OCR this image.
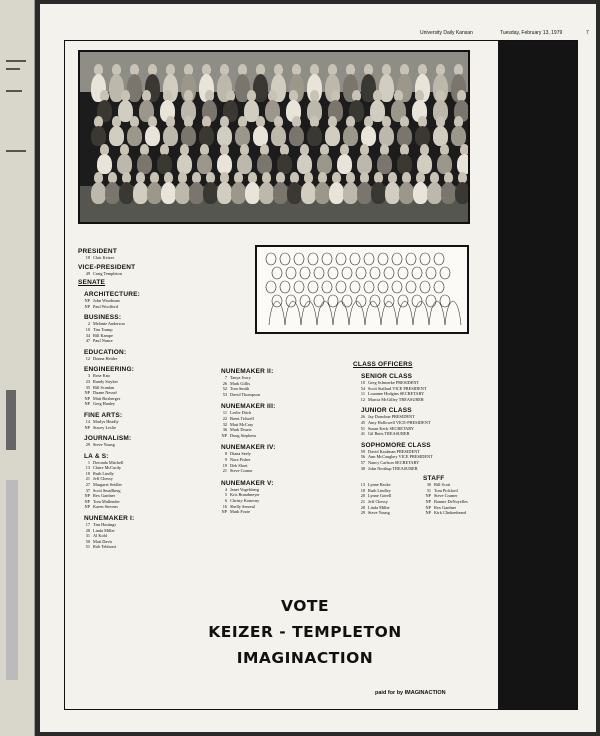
University Daily Kansan	Tuesday, February 13, 1979	7
PRESIDENT
18 Clair Keizer
VICE-PRESIDENT
49 Craig Templeton
SENATE
ARCHITECTURE:
NP John Woodman
NP Paul Woolford
BUSINESS:
2 Melanie Anderson
10 Tim Trump
34 Bill Kampe
47 Paul Nance
EDUCATION:
12 Donna Heider
ENGINEERING:
3 Rose Kno
23 Randy Stryker
35 Bill Scanlan
NP Duane Nessel
NP Matt Boxberger
NP Greg Hanley
FINE ARTS:
14 Marlys Headly
NP Stacey Leslie
JOURNALISM:
29 Steve Young
LA & S:
1 Deronda Mitchell
13 Claire McCurdy
18 Ruth Lindly
21 Jeff Chessy
27 Margaret Seidler
37 Scott Smallberg
NP Rex Gardner
NP Tom Mullender
NP Karen Stevens
NUNEMAKER I:
17 Tim Hastings
28 Linda Miller
31 Al Kohl
50 Matt Davis
51 Rob Tebhorst
NUNEMAKER II:
7 Tanya Ivory
26 Mark Gillis
52 Tom Smith
53 David Thompson
NUNEMAKER III:
11 Leslie Ditch
22 Brent Tidwell
32 Matt McCray
36 Mark Drazic
NP Doug Stephens
NUNEMAKER IV:
8 Diana Seely
9 Nora Fisher
19 Deb Short
21 Steve Cranor
NUNEMAKER V:
4 Janet Vogelsberg
5 Kris Brandmeyer
6 Christy Konecny
16 Shelly Senreal
NP Mark Foote
CLASS OFFICERS
SENIOR CLASS
10 Greg Schmerke PRESIDENT
54 Scott Stallard VICE PRESIDENT
11 Louanne Hodgins SECRETARY
12 Marcia McGilley TREASURER
JUNIOR CLASS
26 Jay Donohue PRESIDENT
45 Amy Hollowell VICE-PRESIDENT
51 Susan Keck SECRETARY
41 Gil Betts TREASURER
SOPHOMORE CLASS
59 David Kaufman PRESIDENT
56 Ann McCaughey VICE PRESIDENT
57 Nancy Carlson SECRETARY
38 John Northup TREASURER
STAFF
13 Lynne Racke
18 Ruth Lindley
20 Lynne Gavell
21 Jeff Chessy
28 Linda Miller
29 Steve Young
30 Bill Scott
31 Tom Pickford
NP Steve Cramer
NP Bonnie DeNoyelles
NP Rex Gardner
NP Kirk Clinkenbeard
VOTE
KEIZER - TEMPLETON
IMAGINACTION
paid for by IMAGINACTION
